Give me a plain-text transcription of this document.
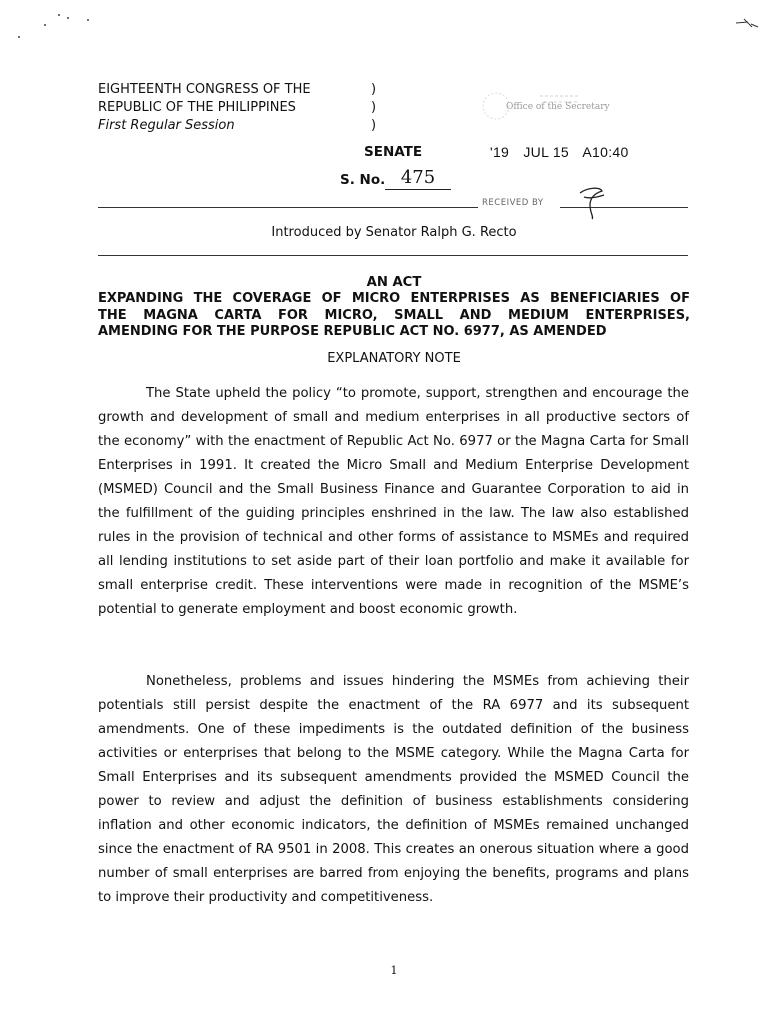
EIGHTEENTH CONGRESS OF THE
REPUBLIC OF THE PHILIPPINES
First Regular Session
)
)
)
Office of the Secretary
SENATE	'19 JUL 15 A10:40
S. No. 475
RECEIVED BY
Introduced by Senator Ralph G. Recto
AN ACT
EXPANDING THE COVERAGE OF MICRO ENTERPRISES AS BENEFICIARIES OF
THE MAGNA CARTA FOR MICRO, SMALL AND MEDIUM ENTERPRISES,
AMENDING FOR THE PURPOSE REPUBLIC ACT NO. 6977, AS AMENDED
EXPLANATORY NOTE

The State upheld the policy “to promote, support, strengthen and encourage the growth and development of small and medium enterprises in all productive sectors of the economy” with the enactment of Republic Act No. 6977 or the Magna Carta for Small Enterprises in 1991. It created the Micro Small and Medium Enterprise Development (MSMED) Council and the Small Business Finance and Guarantee Corporation to aid in the fulfillment of the guiding principles enshrined in the law. The law also established rules in the provision of technical and other forms of assistance to MSMEs and required all lending institutions to set aside part of their loan portfolio and make it available for small enterprise credit. These interventions were made in recognition of the MSME’s potential to generate employment and boost economic growth.

Nonetheless, problems and issues hindering the MSMEs from achieving their potentials still persist despite the enactment of the RA 6977 and its subsequent amendments. One of these impediments is the outdated definition of the business activities or enterprises that belong to the MSME category. While the Magna Carta for Small Enterprises and its subsequent amendments provided the MSMED Council the power to review and adjust the definition of business establishments considering inflation and other economic indicators, the definition of MSMEs remained unchanged since the enactment of RA 9501 in 2008. This creates an onerous situation where a good number of small enterprises are barred from enjoying the benefits, programs and plans to improve their productivity and competitiveness.

1
